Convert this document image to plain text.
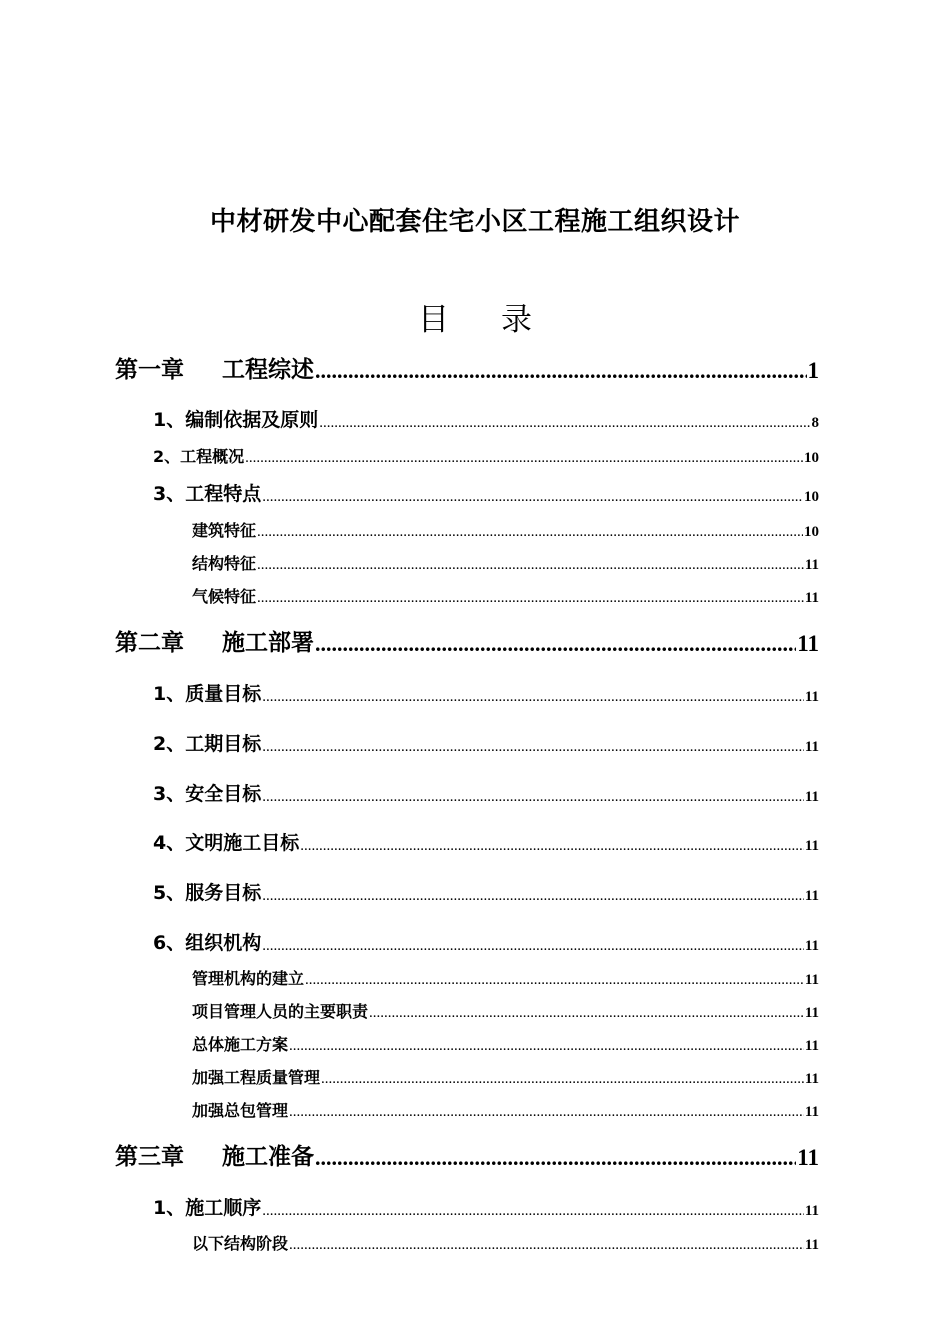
中材研发中心配套住宅小区工程施工组织设计
目 录
第一章 工程综述 .....	1
1、编制依据及原则 .....	8
2、工程概况 .....	10
3、工程特点 .....	10
建筑特征 .....	10
结构特征 .....	11
气候特征 .....	11
第二章 施工部署 .....	11
1、质量目标 .....	11
2、工期目标 .....	11
3、安全目标 .....	11
4、文明施工目标 .....	11
5、服务目标 .....	11
6、组织机构 .....	11
管理机构的建立 .....	11
项目管理人员的主要职责 .....	11
总体施工方案 .....	11
加强工程质量管理 .....	11
加强总包管理 .....	11
第三章 施工准备 .....	11
1、施工顺序 .....	11
以下结构阶段 .....	11
